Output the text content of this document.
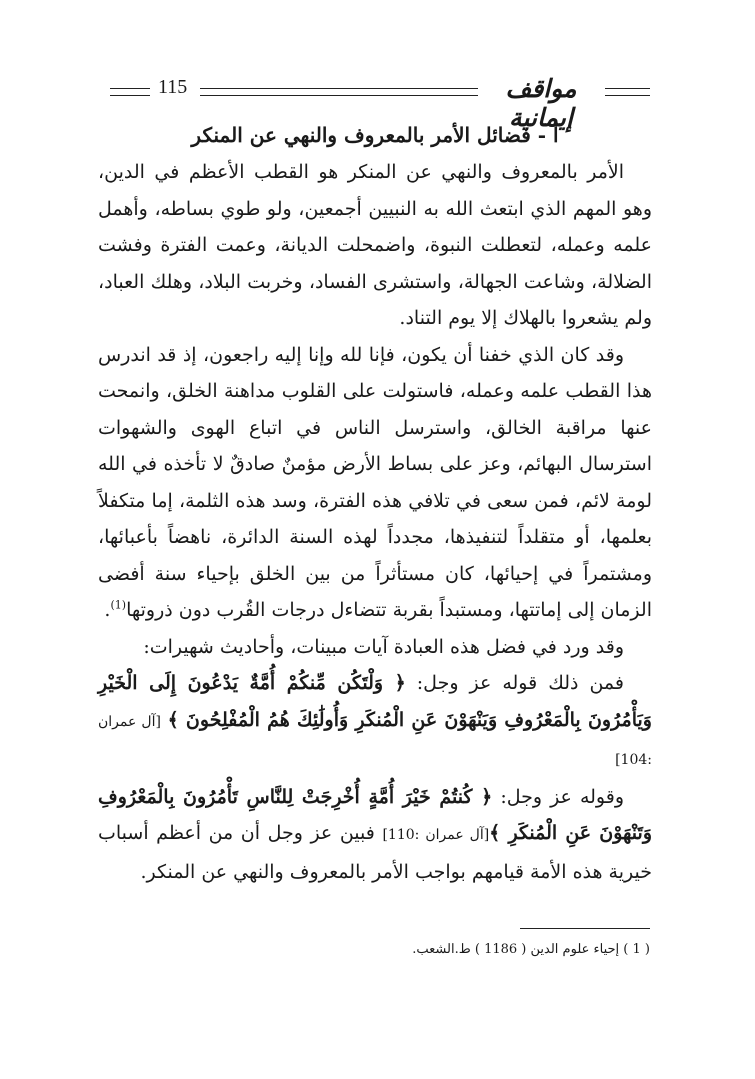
115	مواقف إيمانية
أ - فضائل الأمر بالمعروف والنهي عن المنكر

الأمر بالمعروف والنهي عن المنكر هو القطب الأعظم في الدين، وهو المهم الذي ابتعث الله به النبيين أجمعين، ولو طوي بساطه، وأهمل علمه وعمله، لتعطلت النبوة، واضمحلت الديانة، وعمت الفترة وفشت الضلالة، وشاعت الجهالة، واستشرى الفساد، وخربت البلاد، وهلك العباد، ولم يشعروا بالهلاك إلا يوم التناد.

وقد كان الذي خفنا أن يكون، فإنا لله وإنا إليه راجعون، إذ قد اندرس هذا القطب علمه وعمله، فاستولت على القلوب مداهنة الخلق، وانمحت عنها مراقبة الخالق، واسترسل الناس في اتباع الهوى والشهوات استرسال البهائم، وعز على بساط الأرض مؤمنٌ صادقٌ لا تأخذه في الله لومة لائم، فمن سعى في تلافي هذه الفترة، وسد هذه الثلمة، إما متكفلاً بعلمها، أو متقلداً لتنفيذها، مجدداً لهذه السنة الدائرة، ناهضاً بأعبائها، ومشتمراً في إحيائها، كان مستأثراً من بين الخلق بإحياء سنة أفضى الزمان إلى إماتتها، ومستبداً بقربة تتضاءل درجات القُرب دون ذروتها$^{(1)}$.

وقد ورد في فضل هذه العبادة آيات مبينات، وأحاديث شهيرات:

فمن ذلك قوله عز وجل: ﴿ وَلْتَكُن مِّنكُمْ أُمَّةٌ يَدْعُونَ إِلَى الْخَيْرِ وَيَأْمُرُونَ بِالْمَعْرُوفِ وَيَنْهَوْنَ عَنِ الْمُنكَرِ وَأُولَٰئِكَ هُمُ الْمُفْلِحُونَ ﴾ [آل عمران :104]

وقوله عز وجل: ﴿ كُنتُمْ خَيْرَ أُمَّةٍ أُخْرِجَتْ لِلنَّاسِ تَأْمُرُونَ بِالْمَعْرُوفِ وَتَنْهَوْنَ عَنِ الْمُنكَرِ ﴾[آل عمران :110] فبين عز وجل أن من أعظم أسباب خيرية هذه الأمة قيامهم بواجب الأمر بالمعروف والنهي عن المنكر.

( 1 ) إحياء علوم الدين ( 1186 ) ط.الشعب.
